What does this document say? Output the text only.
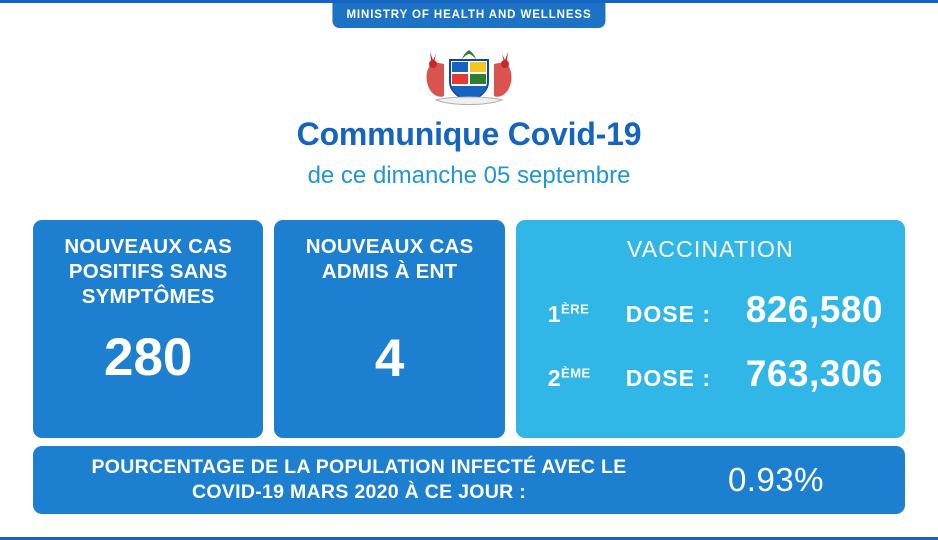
MINISTRY OF HEALTH AND WELLNESS
Communique Covid-19
de ce dimanche 05 septembre
NOUVEAUX CAS POSITIFS SANS SYMPTÔMES
280
NOUVEAUX CAS ADMIS À ENT
4
VACCINATION
1ÈRE	DOSE : 826,580
2ÈME	DOSE : 763,306
POURCENTAGE DE LA POPULATION INFECTÉ AVEC LE COVID-19 MARS 2020 À CE JOUR :	0.93%
